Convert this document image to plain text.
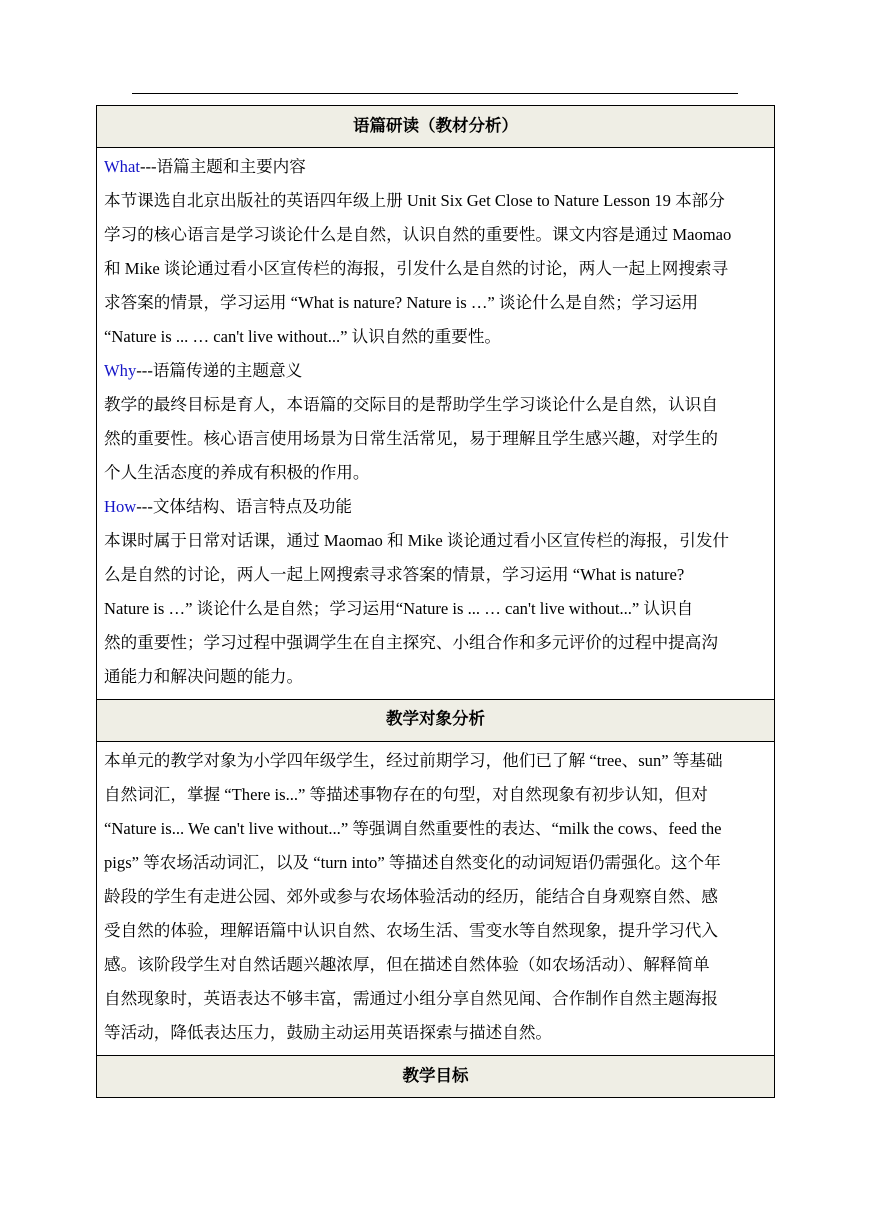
语篇研读（教材分析）

What---语篇主题和主要内容

本节课选自北京出版社的英语四年级上册 Unit Six Get Close to Nature Lesson 19 本部分

学习的核心语言是学习谈论什么是自然，认识自然的重要性。课文内容是通过 Maomao

和 Mike 谈论通过看小区宣传栏的海报，引发什么是自然的讨论，两人一起上网搜索寻

求答案的情景，学习运用 “What is nature? Nature is …” 谈论什么是自然；学习运用

“Nature is ... … can't live without...” 认识自然的重要性。

Why---语篇传递的主题意义

教学的最终目标是育人，本语篇的交际目的是帮助学生学习谈论什么是自然，认识自

然的重要性。核心语言使用场景为日常生活常见，易于理解且学生感兴趣，对学生的

个人生活态度的养成有积极的作用。

How---文体结构、语言特点及功能

本课时属于日常对话课，通过 Maomao 和 Mike 谈论通过看小区宣传栏的海报，引发什

么是自然的讨论，两人一起上网搜索寻求答案的情景，学习运用 “What is nature?

Nature is …” 谈论什么是自然；学习运用“Nature is ... … can't live without...” 认识自

然的重要性；学习过程中强调学生在自主探究、小组合作和多元评价的过程中提高沟

通能力和解决问题的能力。

教学对象分析

本单元的教学对象为小学四年级学生，经过前期学习，他们已了解 “tree、sun” 等基础

自然词汇，掌握 “There is...” 等描述事物存在的句型，对自然现象有初步认知，但对

“Nature is... We can't live without...” 等强调自然重要性的表达、“milk the cows、feed the

pigs” 等农场活动词汇，以及 “turn into” 等描述自然变化的动词短语仍需强化。这个年

龄段的学生有走进公园、郊外或参与农场体验活动的经历，能结合自身观察自然、感

受自然的体验，理解语篇中认识自然、农场生活、雪变水等自然现象，提升学习代入

感。该阶段学生对自然话题兴趣浓厚，但在描述自然体验（如农场活动）、解释简单

自然现象时，英语表达不够丰富，需通过小组分享自然见闻、合作制作自然主题海报

等活动，降低表达压力，鼓励主动运用英语探索与描述自然。

教学目标
